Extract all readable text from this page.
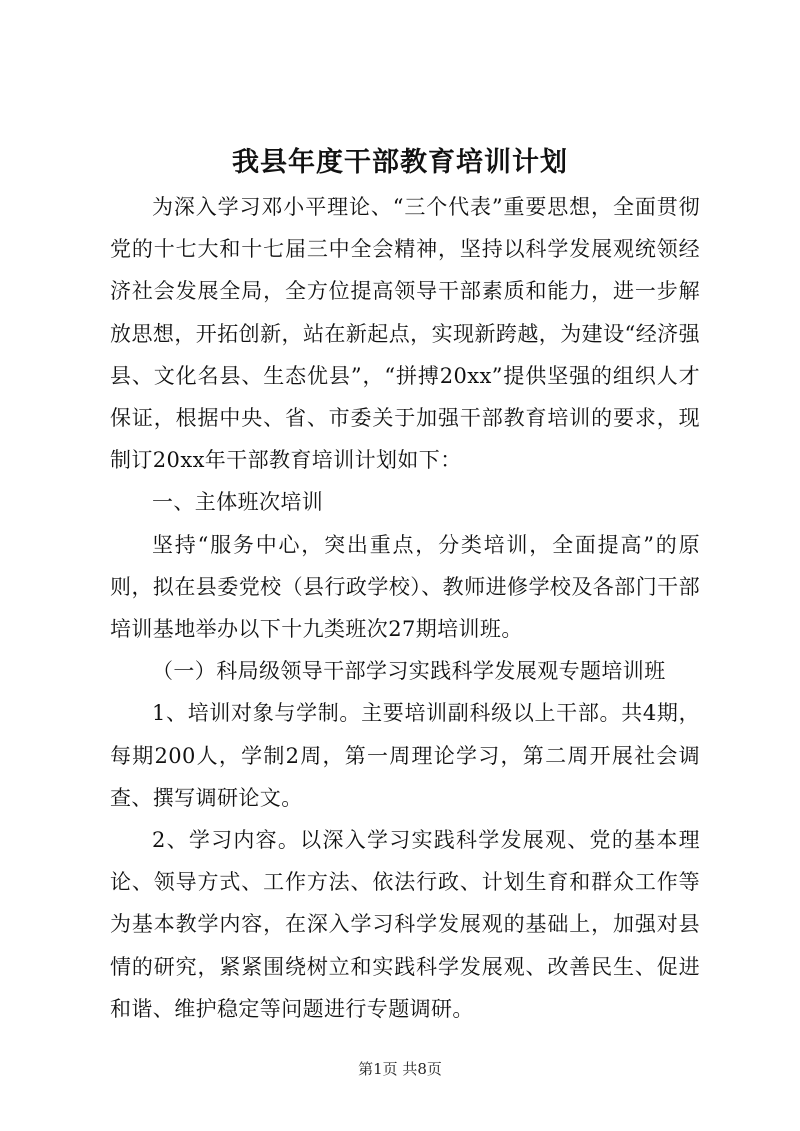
我县年度干部教育培训计划

为深入学习邓小平理论、“三个代表”重要思想，全面贯彻党的十七大和十七届三中全会精神，坚持以科学发展观统领经济社会发展全局，全方位提高领导干部素质和能力，进一步解放思想，开拓创新，站在新起点，实现新跨越，为建设“经济强县、文化名县、生态优县”，“拼搏20xx”提供坚强的组织人才保证，根据中央、省、市委关于加强干部教育培训的要求，现制订20xx年干部教育培训计划如下：

一、主体班次培训

坚持“服务中心，突出重点，分类培训，全面提高”的原则，拟在县委党校（县行政学校）、教师进修学校及各部门干部培训基地举办以下十九类班次27期培训班。

（一）科局级领导干部学习实践科学发展观专题培训班

1、培训对象与学制。主要培训副科级以上干部。共4期，每期200人，学制2周，第一周理论学习，第二周开展社会调查、撰写调研论文。

2、学习内容。以深入学习实践科学发展观、党的基本理论、领导方式、工作方法、依法行政、计划生育和群众工作等为基本教学内容，在深入学习科学发展观的基础上，加强对县情的研究，紧紧围绕树立和实践科学发展观、改善民生、促进和谐、维护稳定等问题进行专题调研。

第1页 共8页
